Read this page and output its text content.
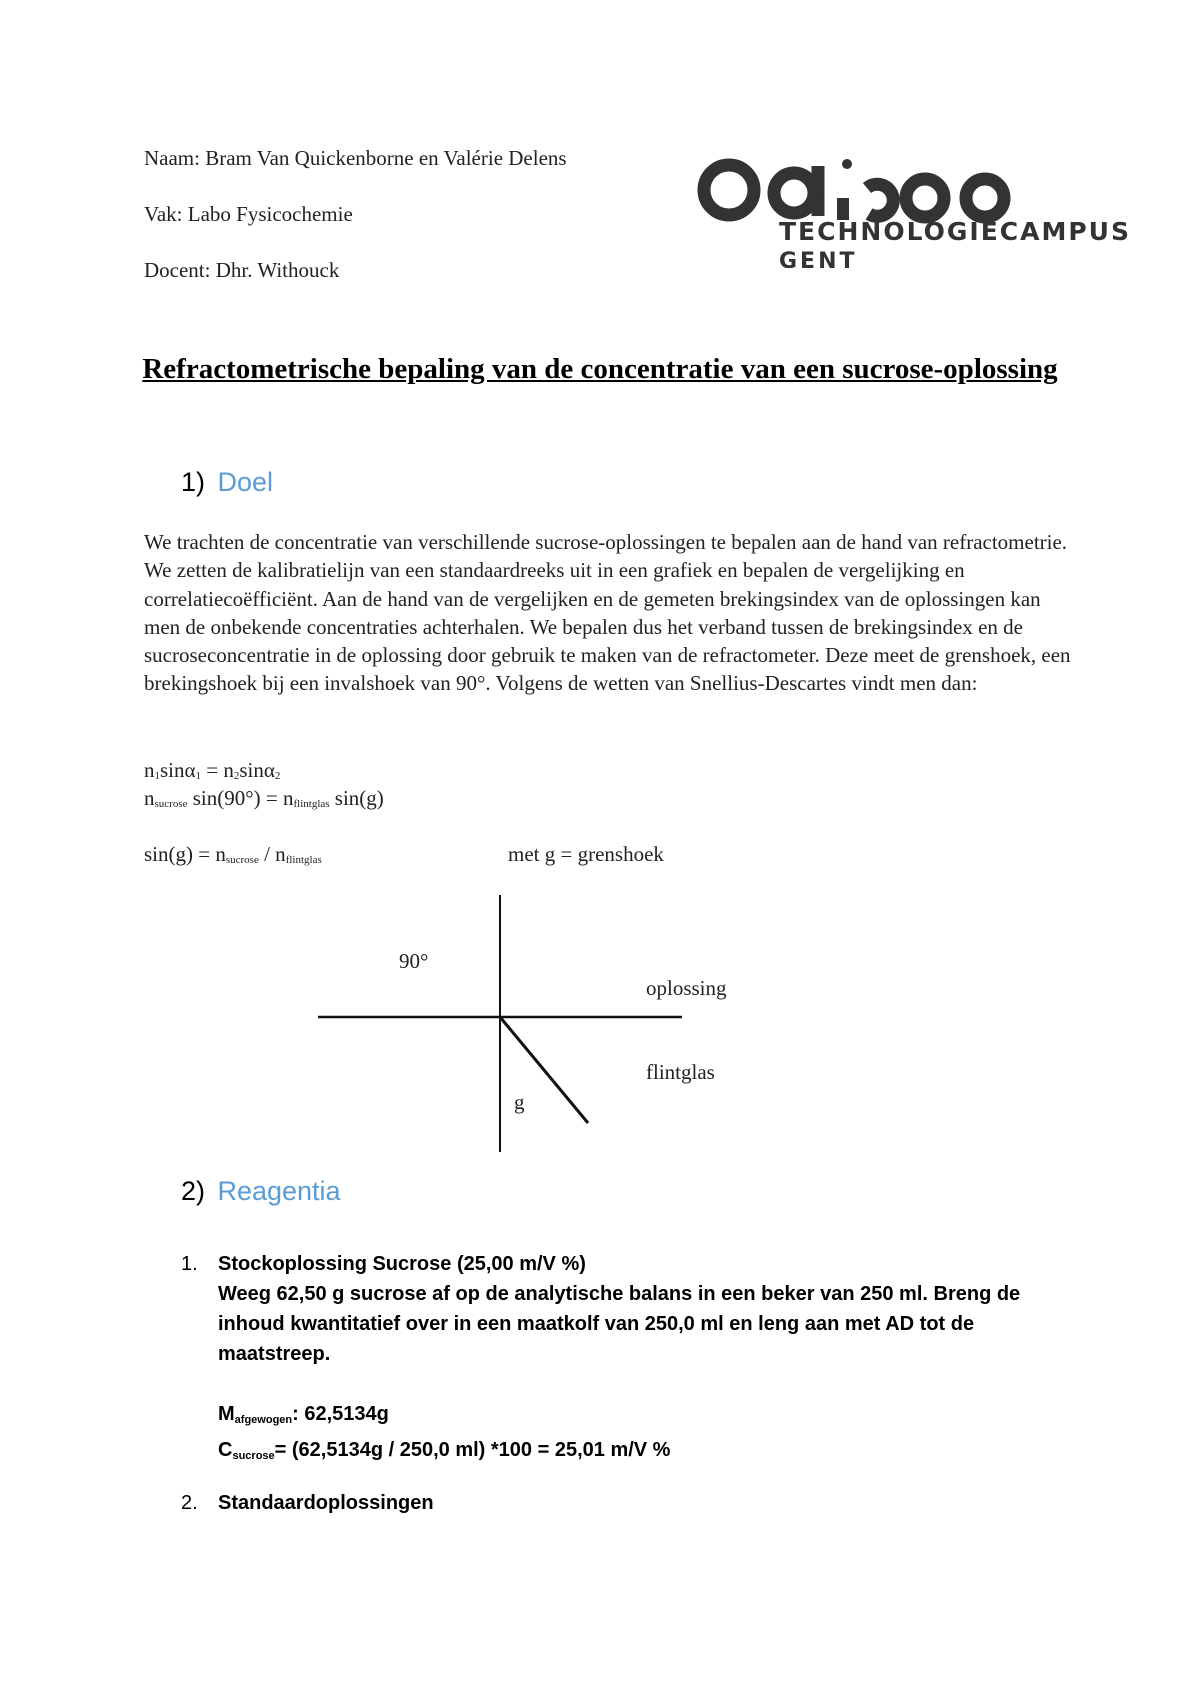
Naam: Bram Van Quickenborne en Valérie Delens
Vak: Labo Fysicochemie
Docent: Dhr. Withouck
TECHNOLOGIECAMPUS
GENT
odisee
Refractometrische bepaling van de concentratie van een sucrose-oplossing
1) Doel
We trachten de concentratie van verschillende sucrose-oplossingen te bepalen aan de hand van refractometrie. We zetten de kalibratielijn van een standaardreeks uit in een grafiek en bepalen de vergelijking en correlatiecoëfficiënt. Aan de hand van de vergelijken en de gemeten brekingsindex van de oplossingen kan men de onbekende concentraties achterhalen. We bepalen dus het verband tussen de brekingsindex en de sucroseconcentratie in de oplossing door gebruik te maken van de refractometer. Deze meet de grenshoek, een brekingshoek bij een invalshoek van 90°. Volgens de wetten van Snellius-Descartes vindt men dan:
$n_1\sin\alpha_1 = n_2\sin\alpha_2$
$n_{sucrose}$ $\sin(90^\circ) = n_{flintglas}$ sin(g)
$\sin(g) = n_{sucrose} / n_{flintglas}$	met g = grenshoek
90°
oplossing
flintglas
g
2) Reagentia
1. Stockoplossing Sucrose (25,00 m/V %)
Weeg 62,50 g sucrose af op de analytische balans in een beker van 250 ml. Breng de inhoud kwantitatief over in een maatkolf van 250,0 ml en leng aan met AD tot de maatstreep.
$M_{afgewogen}$: 62,5134g
$C_{sucrose}= (62,5134g / 250,0$ ml) *100 = 25,01 m/V %
2. Standaardoplossingen
